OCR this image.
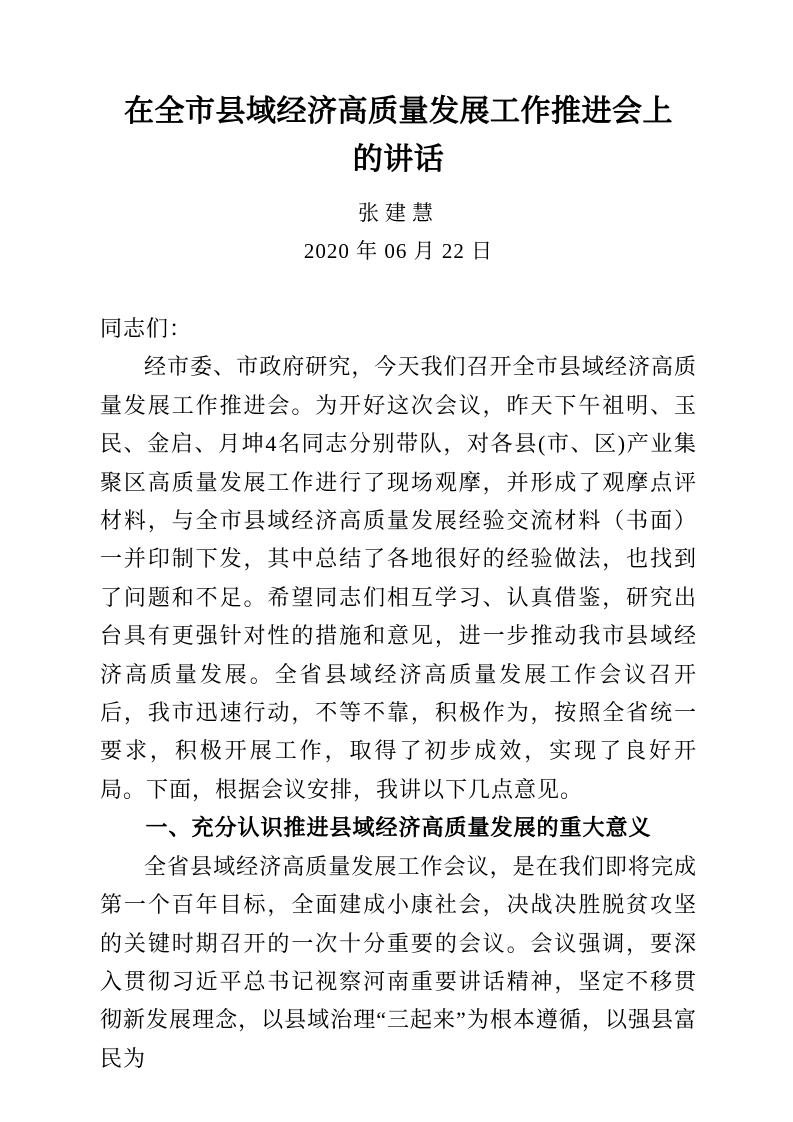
在全市县域经济高质量发展工作推进会上
的讲话
张建慧
2020 年 06 月 22 日

同志们：

经市委、市政府研究，今天我们召开全市县域经济高质量发展工作推进会。为开好这次会议，昨天下午祖明、玉民、金启、月坤4名同志分别带队，对各县(市、区)产业集聚区高质量发展工作进行了现场观摩，并形成了观摩点评材料，与全市县域经济高质量发展经验交流材料（书面）一并印制下发，其中总结了各地很好的经验做法，也找到了问题和不足。希望同志们相互学习、认真借鉴，研究出台具有更强针对性的措施和意见，进一步推动我市县域经济高质量发展。全省县域经济高质量发展工作会议召开后，我市迅速行动，不等不靠，积极作为，按照全省统一要求，积极开展工作，取得了初步成效，实现了良好开局。下面，根据会议安排，我讲以下几点意见。

一、充分认识推进县域经济高质量发展的重大意义

全省县域经济高质量发展工作会议，是在我们即将完成第一个百年目标，全面建成小康社会，决战决胜脱贫攻坚的关键时期召开的一次十分重要的会议。会议强调，要深入贯彻习近平总书记视察河南重要讲话精神，坚定不移贯彻新发展理念，以县域治理“三起来”为根本遵循，以强县富民为
